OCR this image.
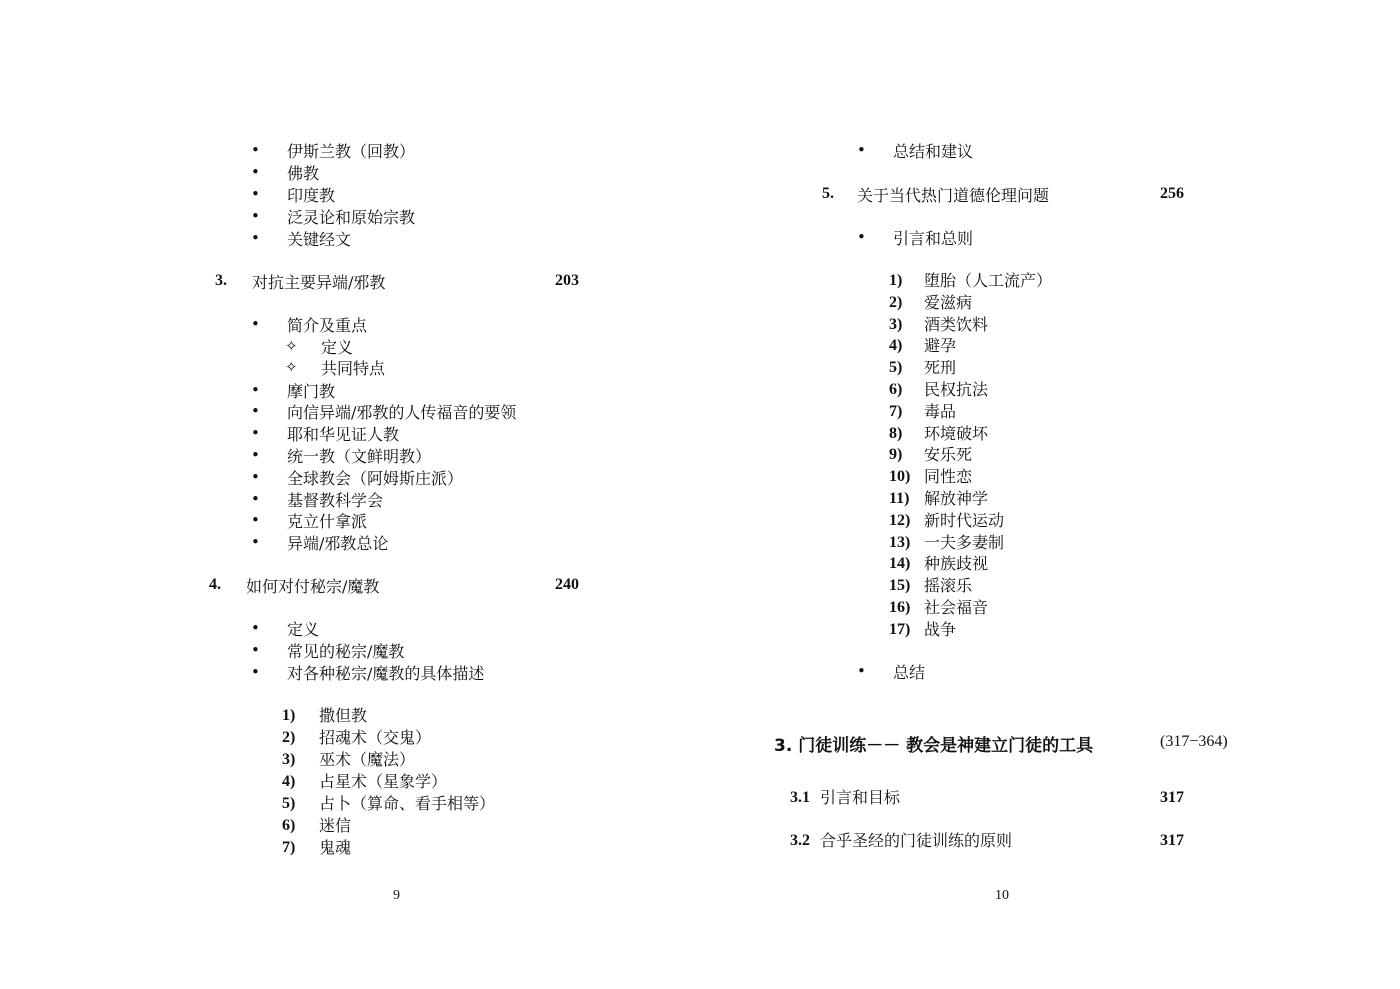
• 伊斯兰教（回教）
• 佛教
• 印度教
• 泛灵论和原始宗教
• 关键经文
3. 对抗主要异端/邪教	203
• 简介及重点
✧ 定义
✧ 共同特点
• 摩门教
• 向信异端/邪教的人传福音的要领
• 耶和华见证人教
• 统一教（文鲜明教）
• 全球教会（阿姆斯庄派）
• 基督教科学会
• 克立什拿派
• 异端/邪教总论
4. 如何对付秘宗/魔教	240
• 定义
• 常见的秘宗/魔教
• 对各种秘宗/魔教的具体描述
1) 撒但教
2) 招魂术（交鬼）
3) 巫术（魔法）
4) 占星术（星象学）
5) 占卜（算命、看手相等）
6) 迷信
7) 鬼魂
9
• 总结和建议
5. 关于当代热门道德伦理问题	256
• 引言和总则
1) 堕胎（人工流产）
2) 爱滋病
3) 酒类饮料
4) 避孕
5) 死刑
6) 民权抗法
7) 毒品
8) 环境破坏
9) 安乐死
10) 同性恋
11) 解放神学
12) 新时代运动
13) 一夫多妻制
14) 种族歧视
15) 摇滚乐
16) 社会福音
17) 战争
• 总结
3. 门徒训练－－ 教会是神建立门徒的工具	(317−364)
3.1 引言和目标	317
3.2 合乎圣经的门徒训练的原则	317
10
